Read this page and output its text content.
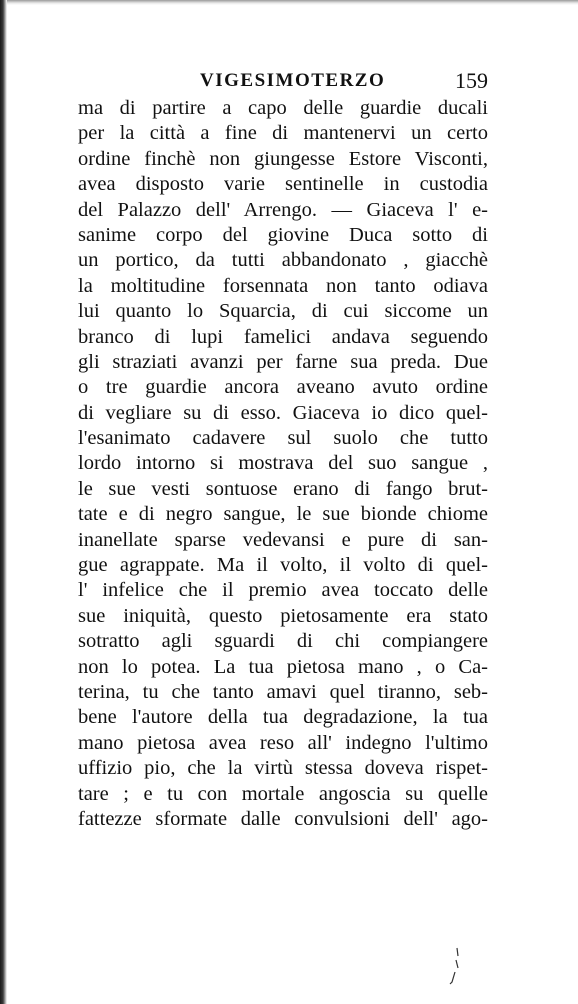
VIGESIMOTERZO	159
ma di partire a capo delle guardie ducali
per la città a fine di mantenervi un certo
ordine finchè non giungesse Estore Visconti,
avea disposto varie sentinelle in custodia
del Palazzo dell' Arrengo. — Giaceva l' e-
sanime corpo del giovine Duca sotto di
un portico, da tutti abbandonato , giacchè
la moltitudine forsennata non tanto odiava
lui quanto lo Squarcia, di cui siccome un
branco di lupi famelici andava seguendo
gli straziati avanzi per farne sua preda. Due
o tre guardie ancora aveano avuto ordine
di vegliare su di esso. Giaceva io dico quel-
l'esanimato cadavere sul suolo che tutto
lordo intorno si mostrava del suo sangue ,
le sue vesti sontuose erano di fango brut-
tate e di negro sangue, le sue bionde chiome
inanellate sparse vedevansi e pure di san-
gue agrappate. Ma il volto, il volto di quel-
l' infelice che il premio avea toccato delle
sue iniquità, questo pietosamente era stato
sotratto agli sguardi di chi compiangere
non lo potea. La tua pietosa mano , o Ca-
terina, tu che tanto amavi quel tiranno, seb-
bene l'autore della tua degradazione, la tua
mano pietosa avea reso all' indegno l'ultimo
uffizio pio, che la virtù stessa doveva rispet-
tare ; e tu con mortale angoscia su quelle
fattezze sformate dalle convulsioni dell' ago-
